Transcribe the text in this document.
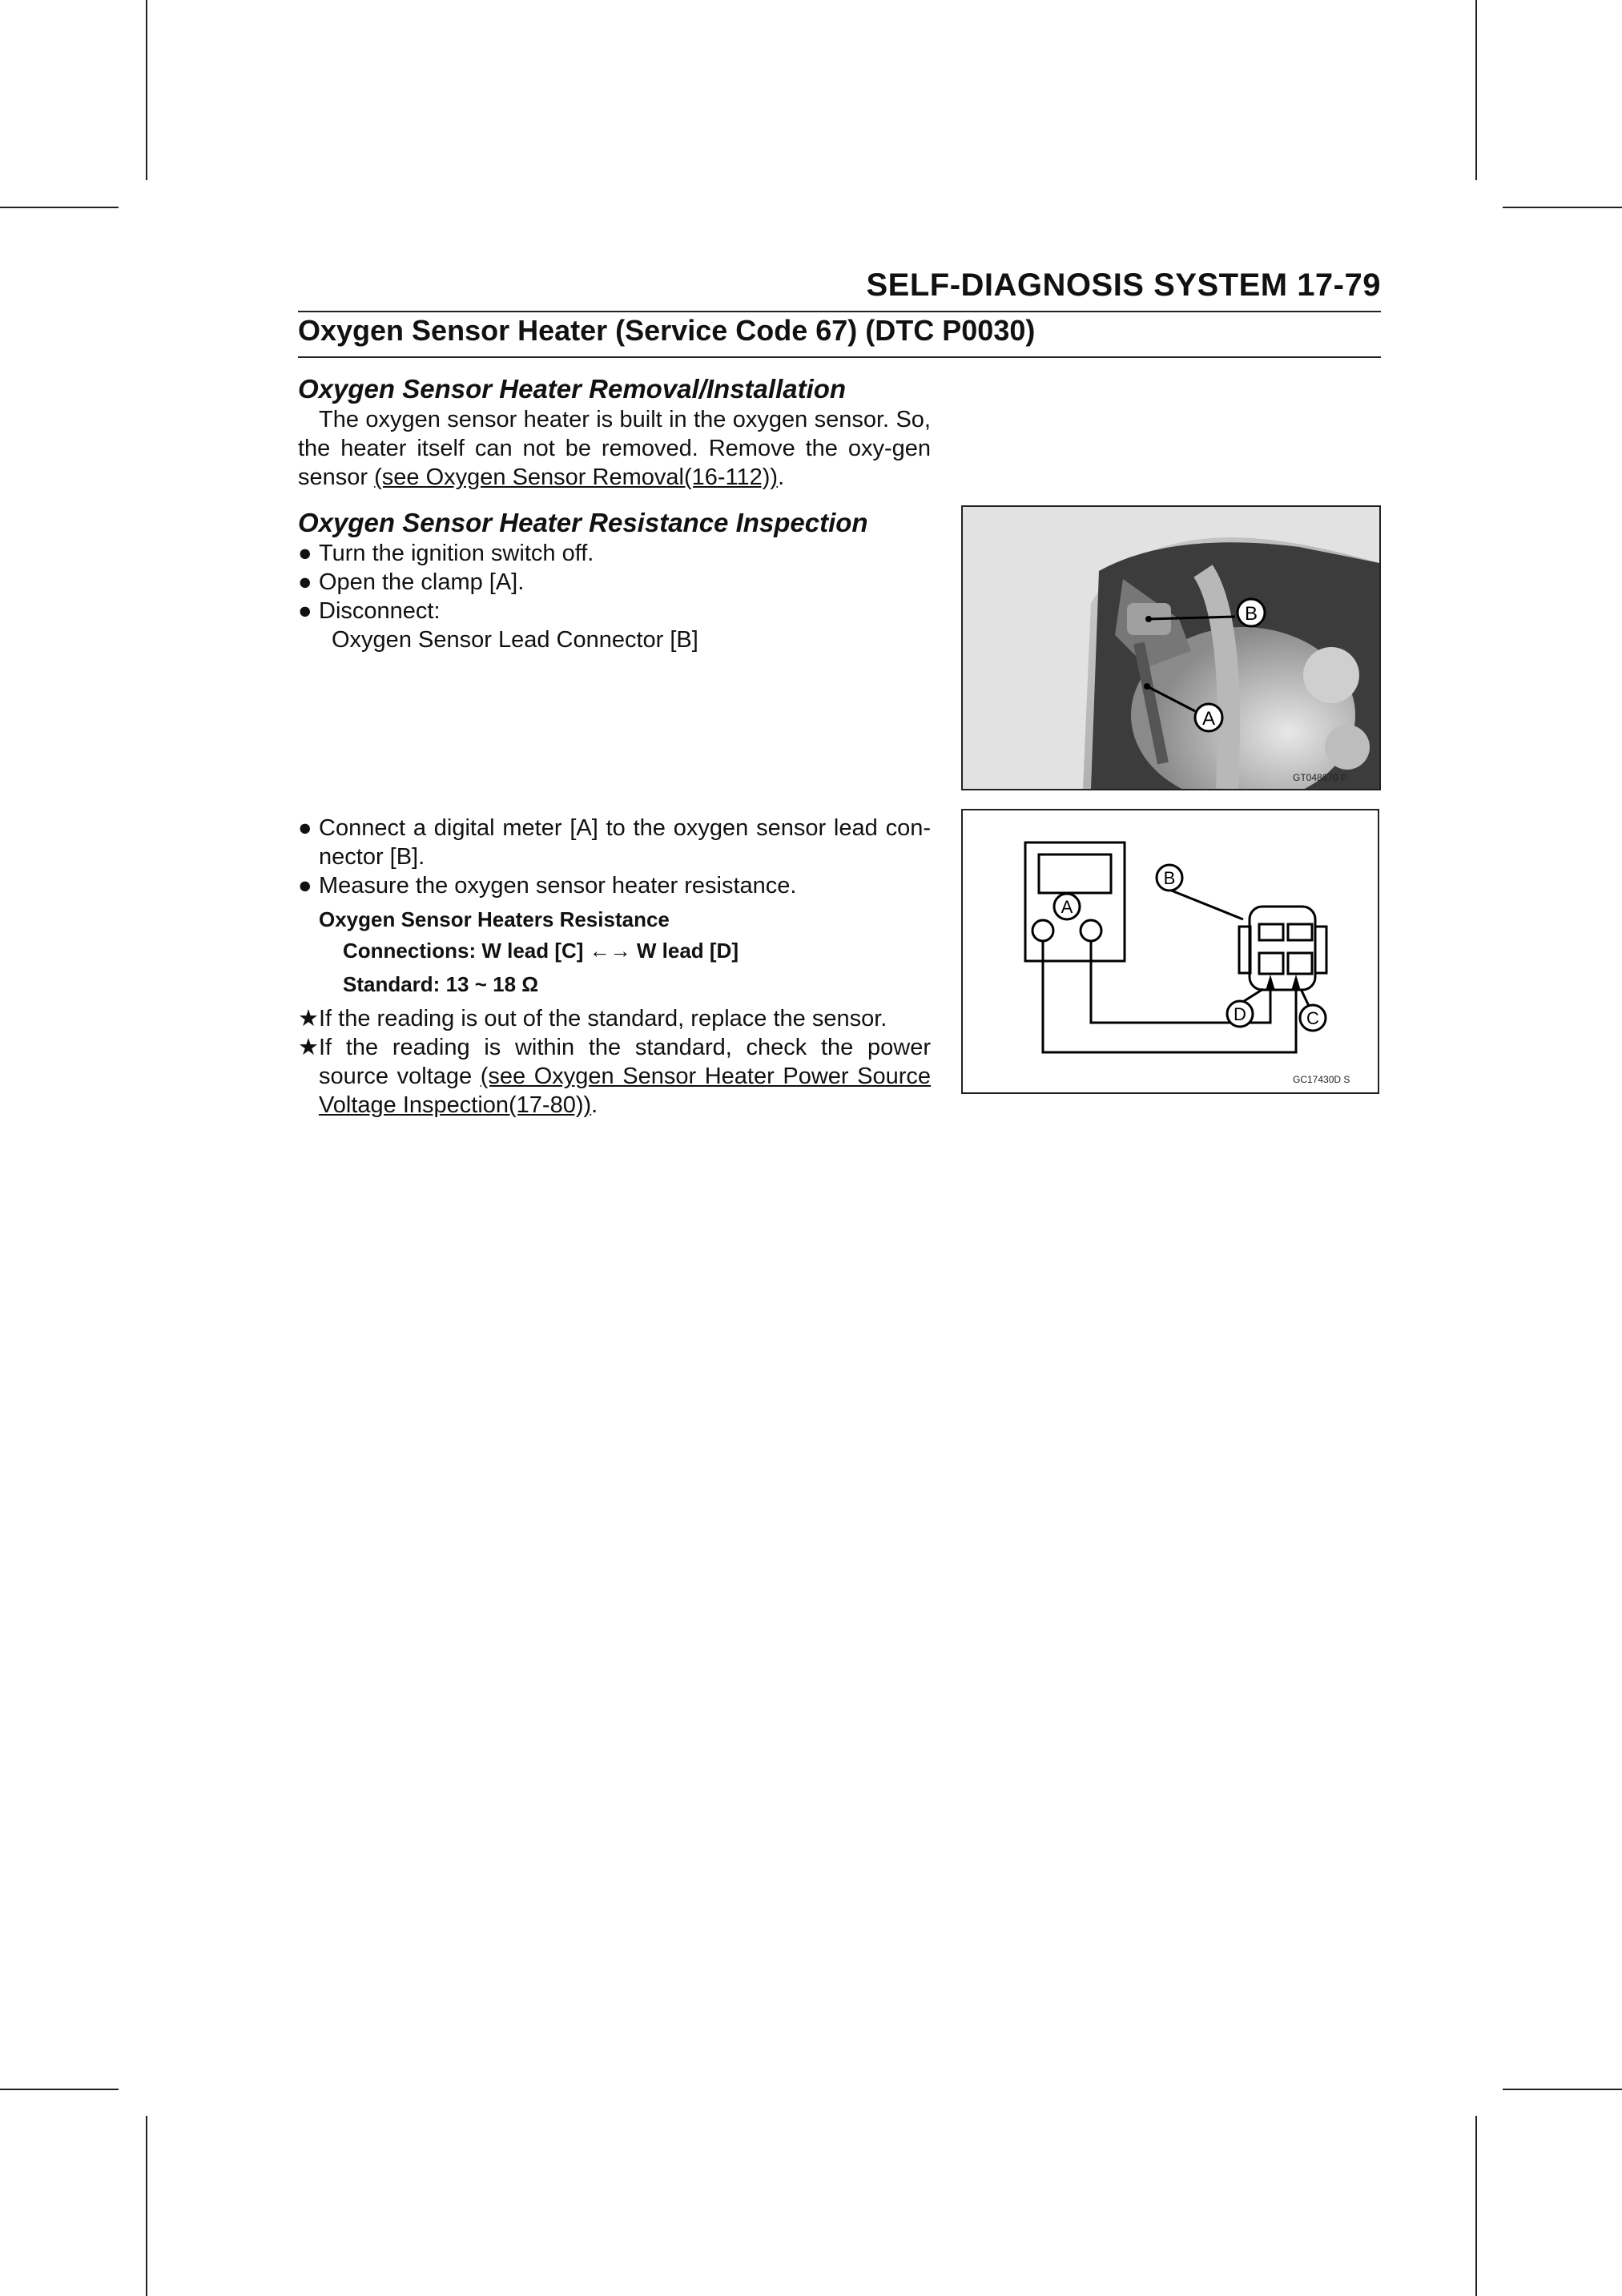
SELF-DIAGNOSIS SYSTEM 17-79
Oxygen Sensor Heater (Service Code 67) (DTC P0030)
Oxygen Sensor Heater Removal/Installation

The oxygen sensor heater is built in the oxygen sensor. So, the heater itself can not be removed. Remove the oxy-gen sensor (see Oxygen Sensor Removal(16-112)).

Oxygen Sensor Heater Resistance Inspection

● Turn the ignition switch off.

● Open the clamp [A].

● Disconnect:

Oxygen Sensor Lead Connector [B]
B
A
GT048670 P

● Connect a digital meter [A] to the oxygen sensor lead con-nector [B].

● Measure the oxygen sensor heater resistance.

Oxygen Sensor Heaters Resistance
Connections: W lead [C] ←→ W lead [D]
Standard: 13 ~ 18 Ω

★ If the reading is out of the standard, replace the sensor.

★ If the reading is within the standard, check the power source voltage (see Oxygen Sensor Heater Power Source Voltage Inspection(17-80)).

A
B
D	C
GC17430D S
